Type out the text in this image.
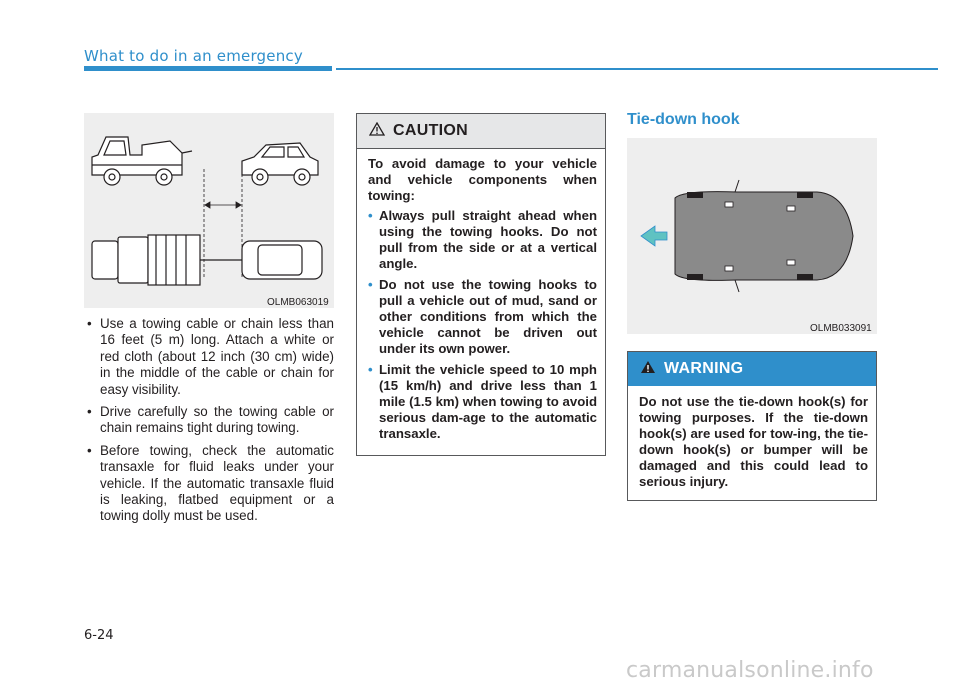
What to do in an emergency
OLMB063019
• Use a towing cable or chain less than 16 feet (5 m) long. Attach a white or red cloth (about 12 inch (30 cm) wide) in the middle of the cable or chain for easy visibility.
• Drive carefully so the towing cable or chain remains tight during towing.
• Before towing, check the automatic transaxle for fluid leaks under your vehicle. If the automatic transaxle fluid is leaking, flatbed equipment or a towing dolly must be used.
CAUTION

To avoid damage to your vehicle and vehicle components when towing:

• Always pull straight ahead when using the towing hooks. Do not pull from the side or at a vertical angle.
• Do not use the towing hooks to pull a vehicle out of mud, sand or other conditions from which the vehicle cannot be driven out under its own power.
• Limit the vehicle speed to 10 mph (15 km/h) and drive less than 1 mile (1.5 km) when towing to avoid serious dam-age to the automatic transaxle.
Tie-down hook
OLMB033091
WARNING
Do not use the tie-down hook(s) for towing purposes. If the tie-down hook(s) are used for tow-ing, the tie-down hook(s) or bumper will be damaged and this could lead to serious injury.
6-24
carmanualsonline.info
